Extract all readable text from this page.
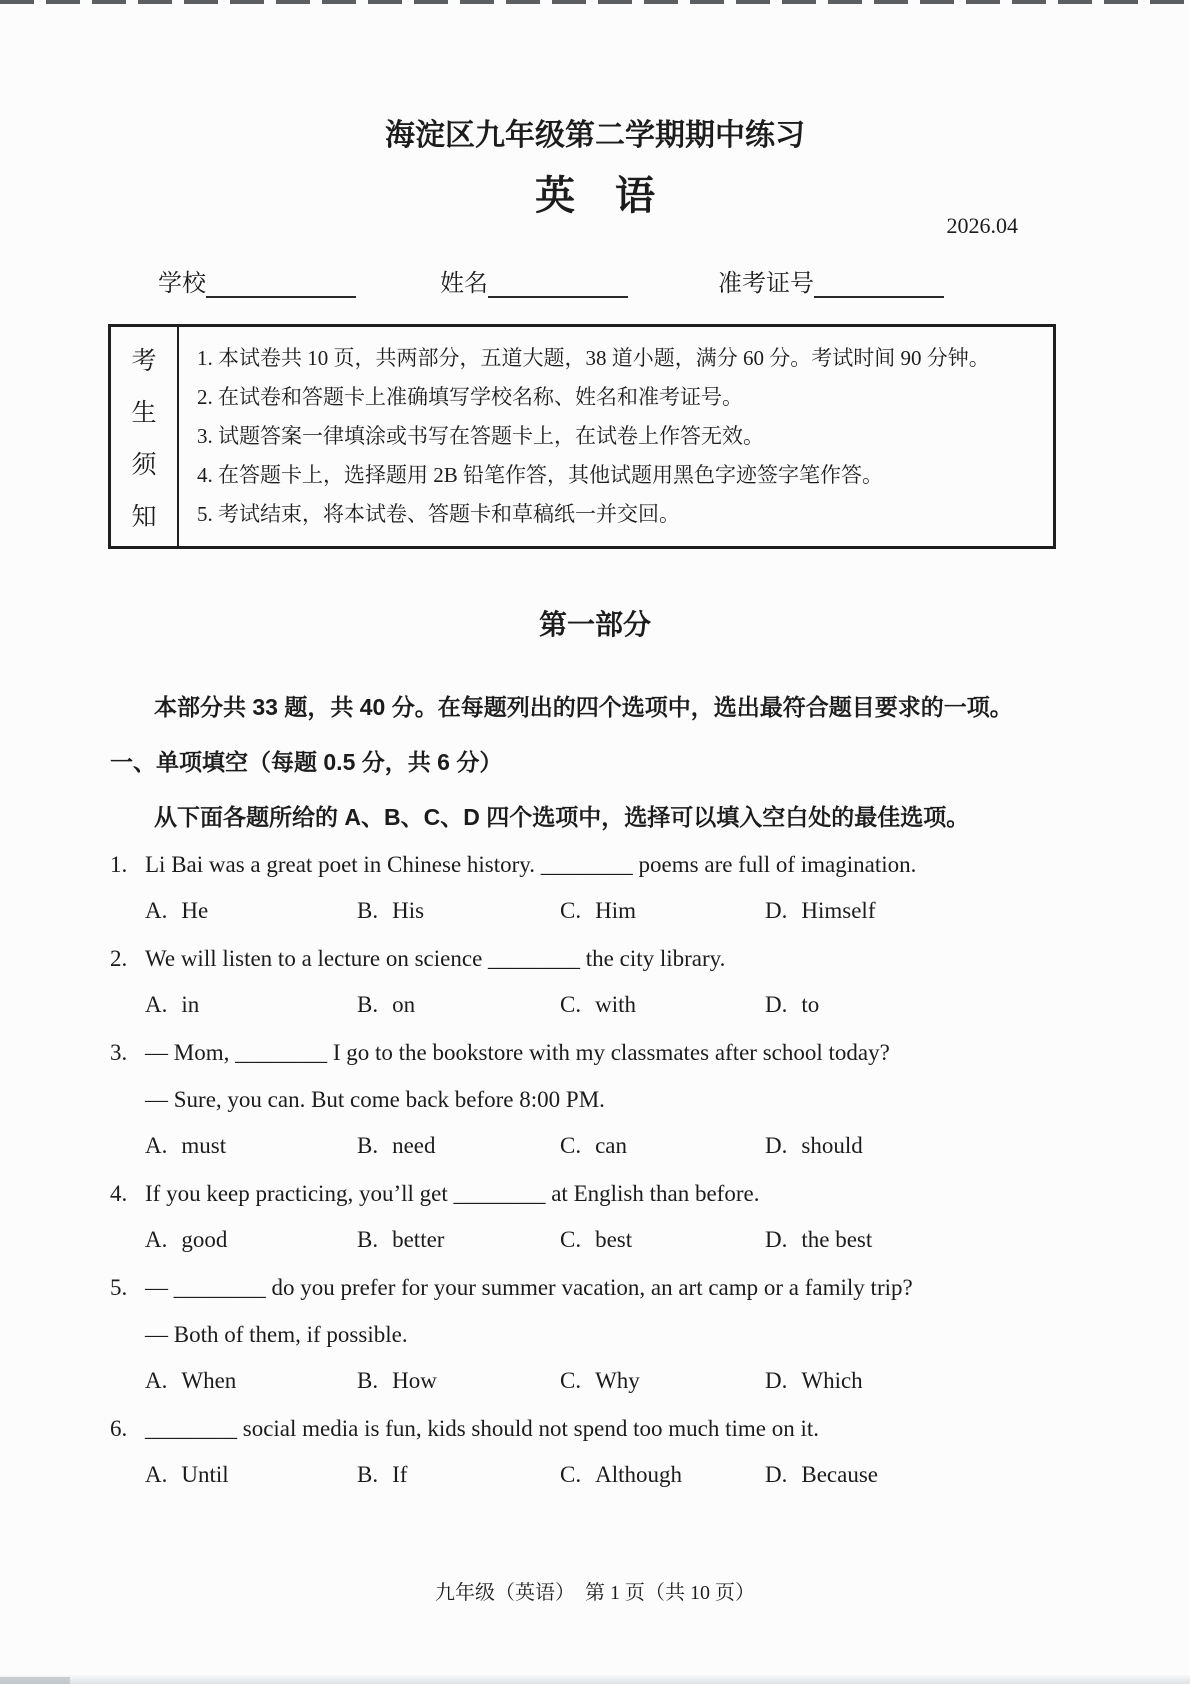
海淀区九年级第二学期期中练习
英　语
2026.04
学校	姓名	准考证号
考
生
须
知
1. 本试卷共 10 页，共两部分，五道大题，38 道小题，满分 60 分。考试时间 90 分钟。
2. 在试卷和答题卡上准确填写学校名称、姓名和准考证号。
3. 试题答案一律填涂或书写在答题卡上，在试卷上作答无效。
4. 在答题卡上，选择题用 2B 铅笔作答，其他试题用黑色字迹签字笔作答。
5. 考试结束，将本试卷、答题卡和草稿纸一并交回。
第一部分
本部分共 33 题，共 40 分。在每题列出的四个选项中，选出最符合题目要求的一项。
一、单项填空（每题 0.5 分，共 6 分）
从下面各题所给的 A、B、C、D 四个选项中，选择可以填入空白处的最佳选项。
1. Li Bai was a great poet in Chinese history. ________ poems are full of imagination.
A. He	B. His	C. Him	D. Himself
2. We will listen to a lecture on science ________ the city library.
A. in	B. on	C. with	D. to
3. — Mom, ________ I go to the bookstore with my classmates after school today?
— Sure, you can. But come back before 8:00 PM.
A. must	B. need	C. can	D. should
4. If you keep practicing, you’ll get ________ at English than before.
A. good	B. better	C. best	D. the best
5. — ________ do you prefer for your summer vacation, an art camp or a family trip?
— Both of them, if possible.
A. When	B. How	C. Why	D. Which
6. ________ social media is fun, kids should not spend too much time on it.
A. Until	B. If	C. Although	D. Because
九年级（英语）　第 1 页（共 10 页）
